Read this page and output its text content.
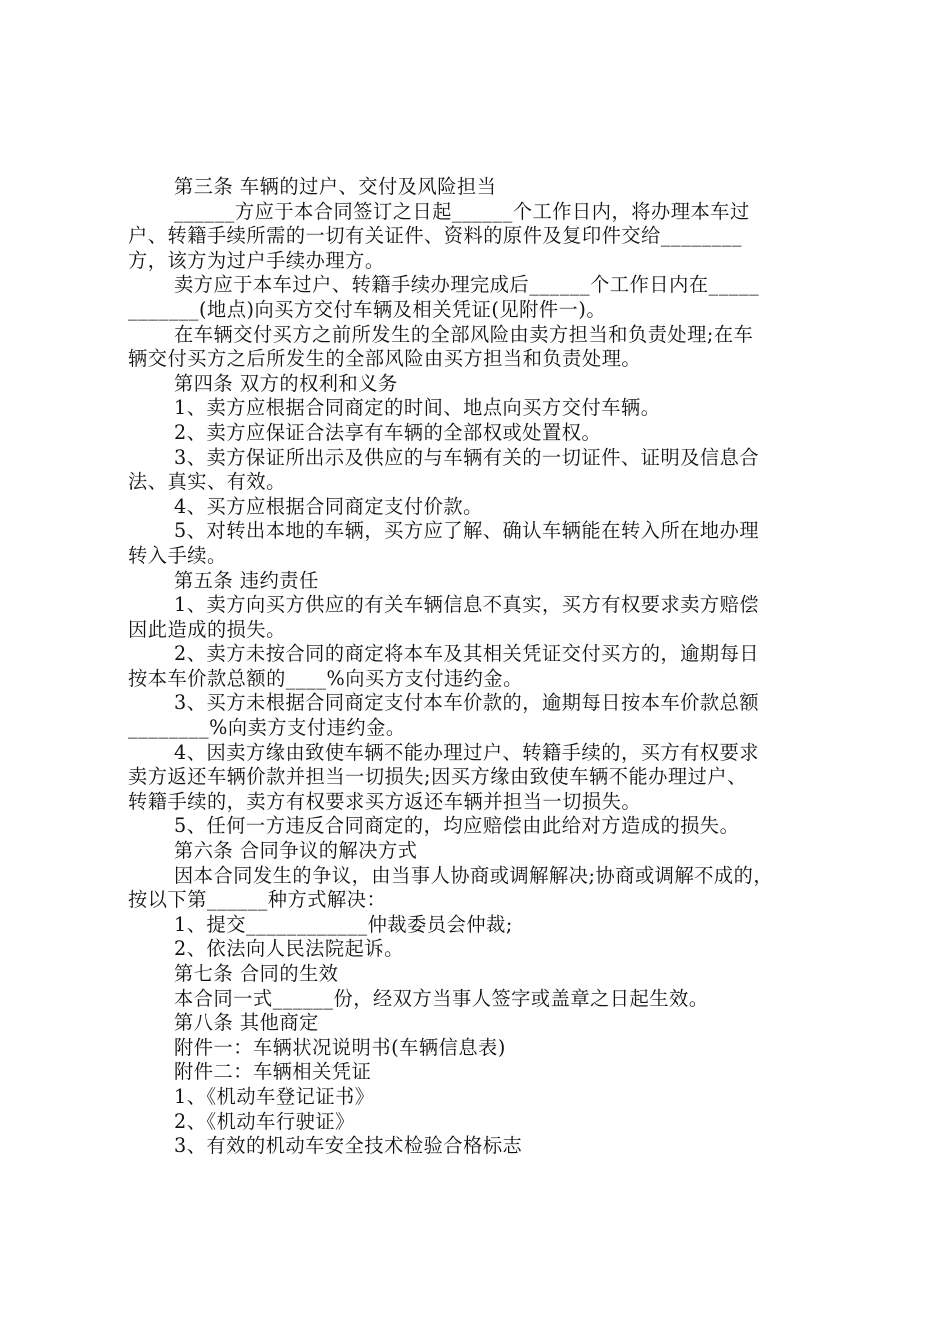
第三条 车辆的过户、交付及风险担当
______方应于本合同签订之日起______个工作日内，将办理本车过
户、转籍手续所需的一切有关证件、资料的原件及复印件交给________
方，该方为过户手续办理方。
卖方应于本车过户、转籍手续办理完成后______个工作日内在_____
_______(地点)向买方交付车辆及相关凭证(见附件一)。
在车辆交付买方之前所发生的全部风险由卖方担当和负责处理;在车
辆交付买方之后所发生的全部风险由买方担当和负责处理。
第四条 双方的权利和义务
1、卖方应根据合同商定的时间、地点向买方交付车辆。
2、卖方应保证合法享有车辆的全部权或处置权。
3、卖方保证所出示及供应的与车辆有关的一切证件、证明及信息合
法、真实、有效。
4、买方应根据合同商定支付价款。
5、对转出本地的车辆，买方应了解、确认车辆能在转入所在地办理
转入手续。
第五条 违约责任
1、卖方向买方供应的有关车辆信息不真实，买方有权要求卖方赔偿
因此造成的损失。
2、卖方未按合同的商定将本车及其相关凭证交付买方的，逾期每日
按本车价款总额的____%向买方支付违约金。
3、买方未根据合同商定支付本车价款的，逾期每日按本车价款总额
________%向卖方支付违约金。
4、因卖方缘由致使车辆不能办理过户、转籍手续的，买方有权要求
卖方返还车辆价款并担当一切损失;因买方缘由致使车辆不能办理过户、
转籍手续的，卖方有权要求买方返还车辆并担当一切损失。
5、任何一方违反合同商定的，均应赔偿由此给对方造成的损失。
第六条 合同争议的解决方式
因本合同发生的争议，由当事人协商或调解解决;协商或调解不成的，
按以下第______种方式解决：
1、提交____________仲裁委员会仲裁;
2、依法向人民法院起诉。
第七条 合同的生效
本合同一式______份，经双方当事人签字或盖章之日起生效。
第八条 其他商定
附件一：车辆状况说明书(车辆信息表)
附件二：车辆相关凭证
1、《机动车登记证书》
2、《机动车行驶证》
3、有效的机动车安全技术检验合格标志
